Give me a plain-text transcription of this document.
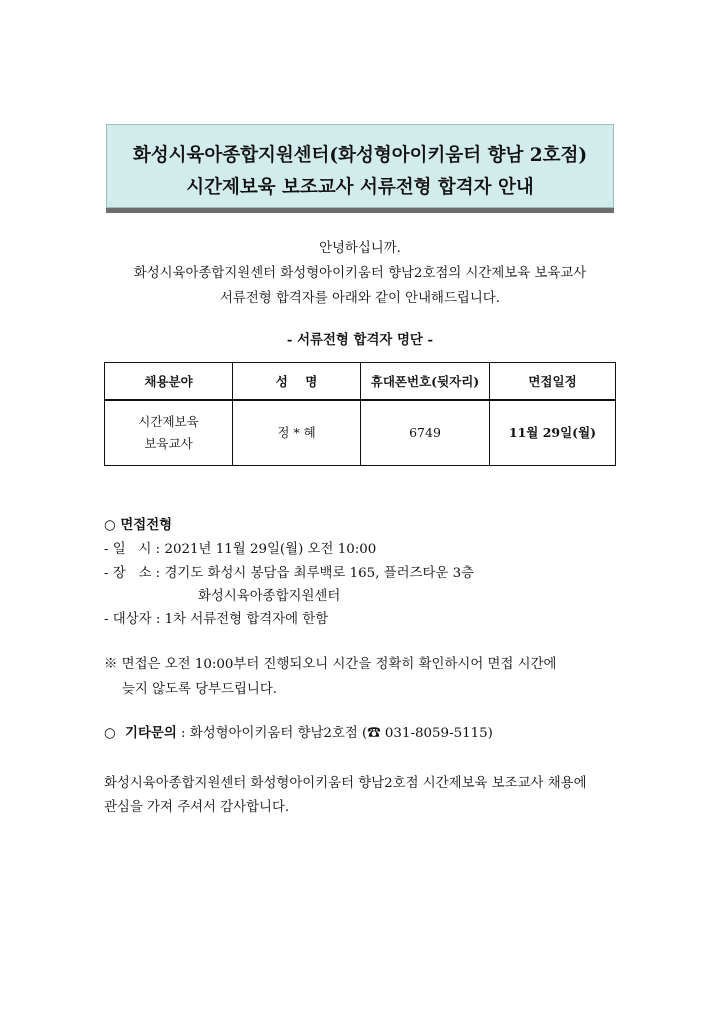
화성시육아종합지원센터(화성형아이키움터 향남 2호점)
시간제보육 보조교사 서류전형 합격자 안내
안녕하십니까.
화성시육아종합지원센터 화성형아이키움터 향남2호점의 시간제보육 보육교사
서류전형 합격자를 아래와 같이 안내해드립니다.
- 서류전형 합격자 명단 -
채용분야	성    명	휴대폰번호(뒷자리)	면접일정

시간제보육
보육교사	정 * 혜	6749	11월 29일(월)
○ 면접전형
- 일   시 : 2021년 11월 29일(월) 오전 10:00
- 장   소 : 경기도 화성시 봉담읍 최루백로 165, 플러즈타운 3층
화성시육아종합지원센터
- 대상자 : 1차 서류전형 합격자에 한함
※ 면접은 오전 10:00부터 진행되오니 시간을 정확히 확인하시어 면접 시간에
늦지 않도록 당부드립니다.
○  기타문의 : 화성형아이키움터 향남2호점 (☎ 031-8059-5115)
화성시육아종합지원센터 화성형아이키움터 향남2호점 시간제보육 보조교사 채용에
관심을 가져 주셔서 감사합니다.
